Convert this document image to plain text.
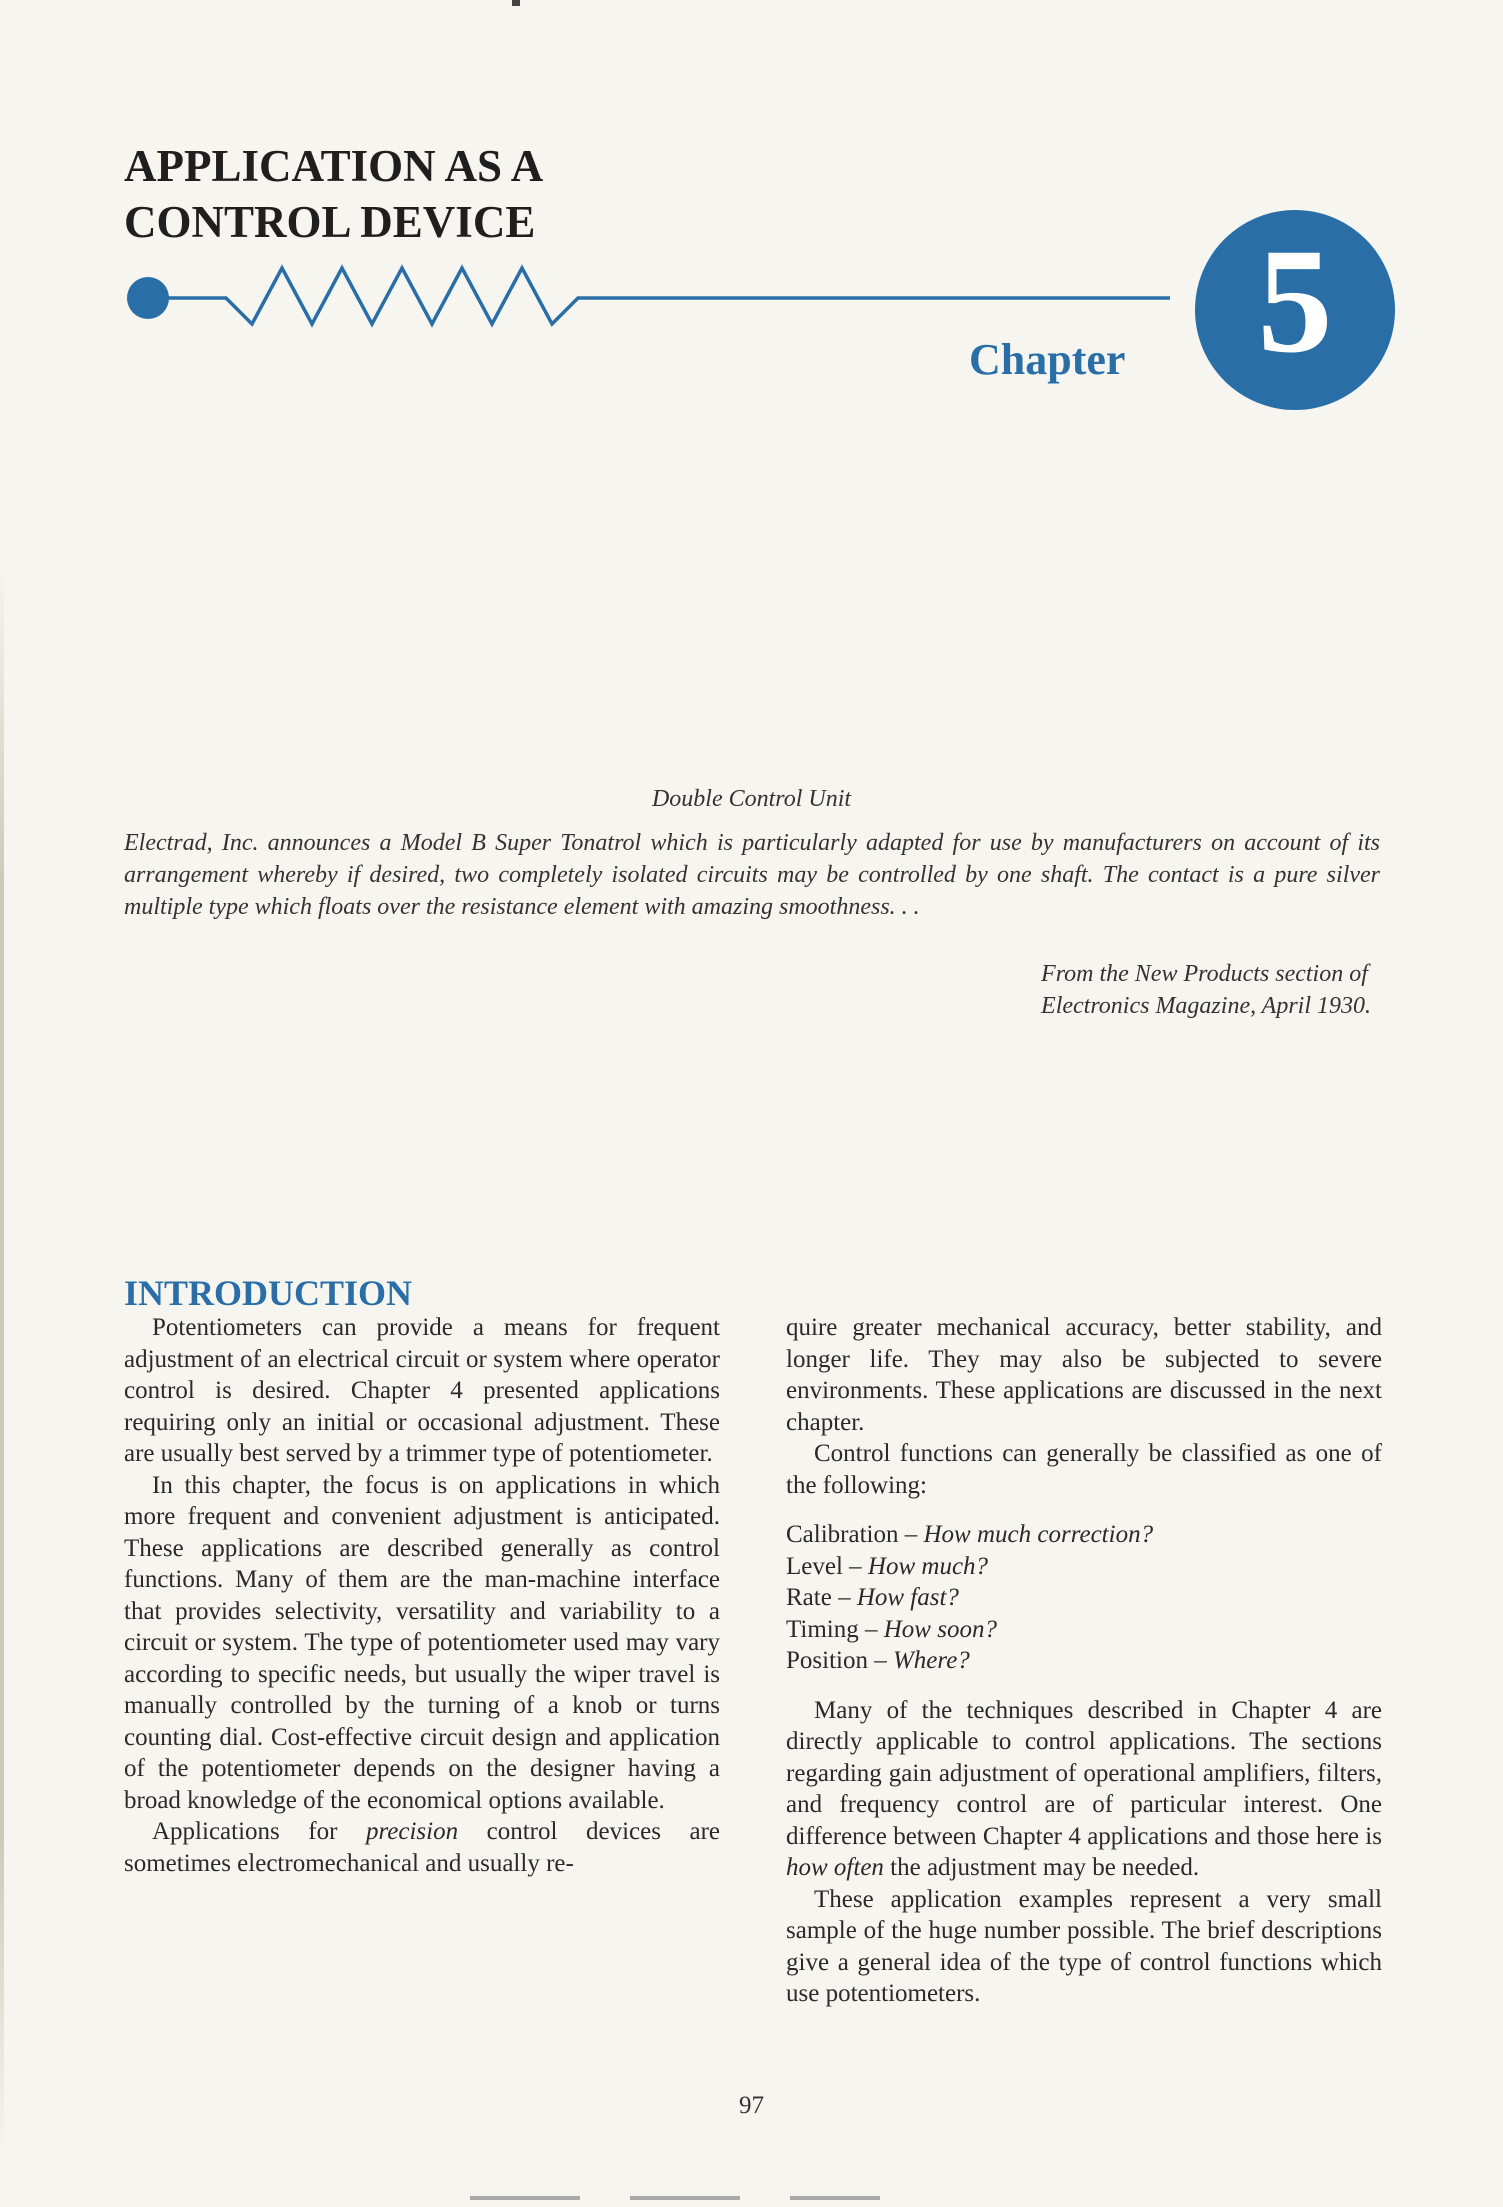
APPLICATION AS A
CONTROL DEVICE
Chapter 5
Double Control Unit

Electrad, Inc. announces a Model B Super Tonatrol which is particularly adapted for use by manufacturers on account of its arrangement whereby if desired, two completely isolated circuits may be controlled by one shaft. The contact is a pure silver multiple type which floats over the resistance element with amazing smoothness. . .

From the New Products section of
Electronics Magazine, April 1930.
INTRODUCTION

Potentiometers can provide a means for frequent adjustment of an electrical circuit or system where operator control is desired. Chapter 4 presented applications requiring only an initial or occasional adjustment. These are usually best served by a trimmer type of potentiometer.

In this chapter, the focus is on applications in which more frequent and convenient adjustment is anticipated. These applications are described generally as control functions. Many of them are the man-machine interface that provides selectivity, versatility and variability to a circuit or system. The type of potentiometer used may vary according to specific needs, but usually the wiper travel is manually controlled by the turning of a knob or turns counting dial. Cost-effective circuit design and application of the potentiometer depends on the designer having a broad knowledge of the economical options available.

Applications for precision control devices are sometimes electromechanical and usually re-

quire greater mechanical accuracy, better stability, and longer life. They may also be subjected to severe environments. These applications are discussed in the next chapter.

Control functions can generally be classified as one of the following:

Calibration – How much correction?
Level – How much?
Rate – How fast?
Timing – How soon?
Position – Where?

Many of the techniques described in Chapter 4 are directly applicable to control applications. The sections regarding gain adjustment of operational amplifiers, filters, and frequency control are of particular interest. One difference between Chapter 4 applications and those here is how often the adjustment may be needed.

These application examples represent a very small sample of the huge number possible. The brief descriptions give a general idea of the type of control functions which use potentiometers.

97
